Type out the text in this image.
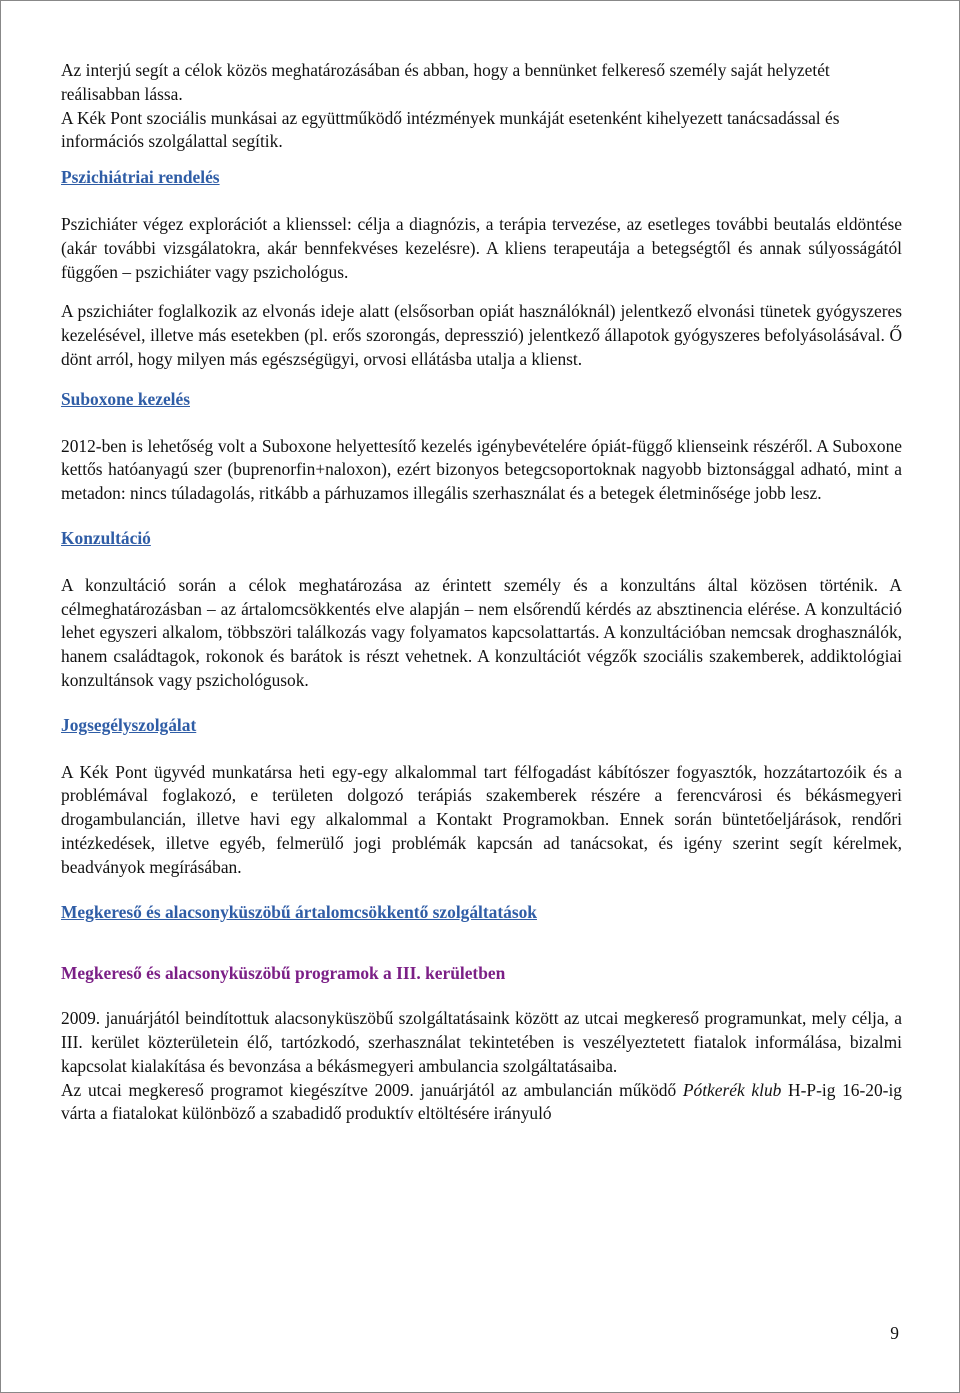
Az interjú segít a célok közös meghatározásában és abban, hogy a bennünket felkereső személy saját helyzetét reálisabban lássa.

A Kék Pont szociális munkásai az együttműködő intézmények munkáját esetenként kihelyezett tanácsadással és információs szolgálattal segítik.

Pszichiátriai rendelés

Pszichiáter végez explorációt a klienssel: célja a diagnózis, a terápia tervezése, az esetleges további beutalás eldöntése (akár további vizsgálatokra, akár bennfekvéses kezelésre). A kliens terapeutája a betegségtől és annak súlyosságától függően – pszichiáter vagy pszichológus.

A pszichiáter foglalkozik az elvonás ideje alatt (elsősorban opiát használóknál) jelentkező elvonási tünetek gyógyszeres kezelésével, illetve más esetekben (pl. erős szorongás, depresszió) jelentkező állapotok gyógyszeres befolyásolásával. Ő dönt arról, hogy milyen más egészségügyi, orvosi ellátásba utalja a klienst.

Suboxone kezelés

2012-ben is lehetőség volt a Suboxone helyettesítő kezelés igénybevételére ópiát-függő klienseink részéről. A Suboxone kettős hatóanyagú szer (buprenorfin+naloxon), ezért bizonyos betegcsoportoknak nagyobb biztonsággal adható, mint a metadon: nincs túladagolás, ritkább a párhuzamos illegális szerhasználat és a betegek életminősége jobb lesz.

Konzultáció

A konzultáció során a célok meghatározása az érintett személy és a konzultáns által közösen történik. A célmeghatározásban – az ártalomcsökkentés elve alapján – nem elsőrendű kérdés az absztinencia elérése. A konzultáció lehet egyszeri alkalom, többszöri találkozás vagy folyamatos kapcsolattartás. A konzultációban nemcsak droghasználók, hanem családtagok, rokonok és barátok is részt vehetnek. A konzultációt végzők szociális szakemberek, addiktológiai konzultánsok vagy pszichológusok.

Jogsegélyszolgálat

A Kék Pont ügyvéd munkatársa heti egy-egy alkalommal tart félfogadást kábítószer fogyasztók, hozzátartozóik és a problémával foglakozó, e területen dolgozó terápiás szakemberek részére a ferencvárosi és békásmegyeri drogambulancián, illetve havi egy alkalommal a Kontakt Programokban. Ennek során büntetőeljárások, rendőri intézkedések, illetve egyéb, felmerülő jogi problémák kapcsán ad tanácsokat, és igény szerint segít kérelmek, beadványok megírásában.

Megkereső és alacsonyküszöbű ártalomcsökkentő szolgáltatások
Megkereső és alacsonyküszöbű programok a III. kerületben

2009. januárjától beindítottuk alacsonyküszöbű szolgáltatásaink között az utcai megkereső programunkat, mely célja, a III. kerület közterületein élő, tartózkodó, szerhasználat tekintetében is veszélyeztetett fiatalok informálása, bizalmi kapcsolat kialakítása és bevonzása a békásmegyeri ambulancia szolgáltatásaiba.

Az utcai megkereső programot kiegészítve 2009. januárjától az ambulancián működő Pótkerék klub H-P-ig 16-20-ig várta a fiatalokat különböző a szabadidő produktív eltöltésére irányuló

9
